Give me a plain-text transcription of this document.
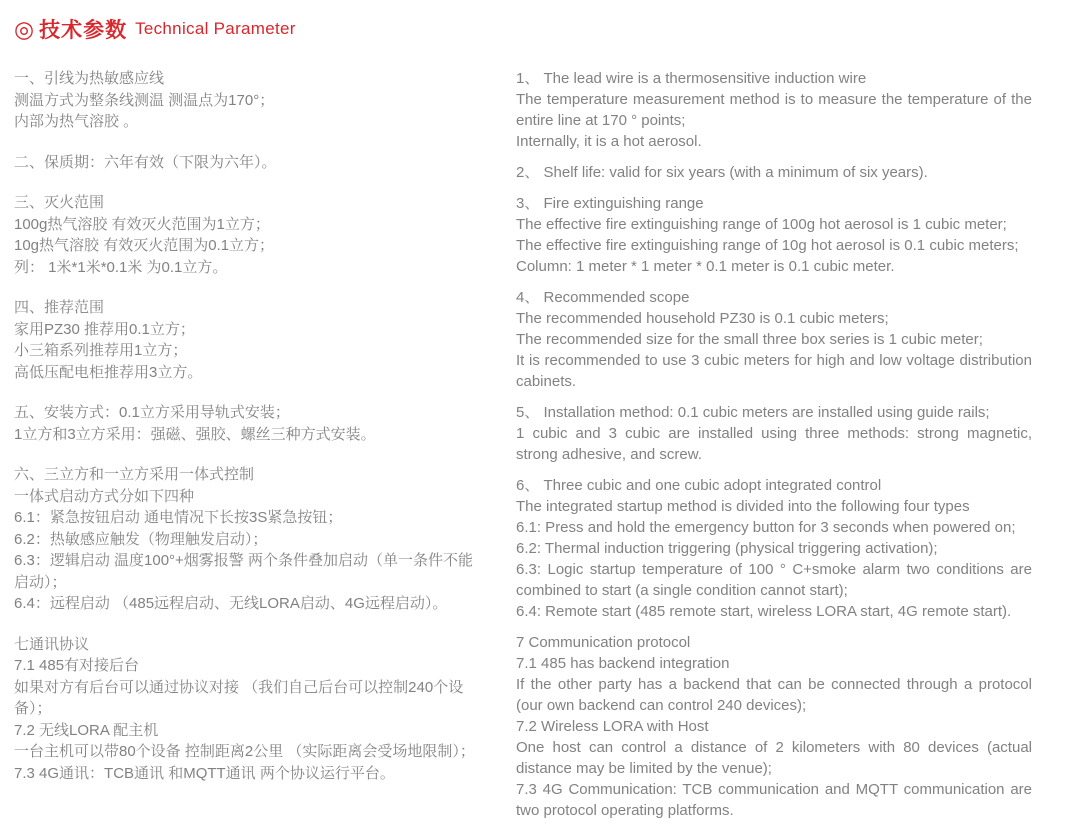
◎ 技术参数 Technical Parameter
一、引线为热敏感应线
测温方式为整条线测温 测温点为170°；
内部为热气溶胶 。
二、保质期：六年有效（下限为六年）。
三、灭火范围
100g热气溶胶 有效灭火范围为1立方；
10g热气溶胶 有效灭火范围为0.1立方；
列： 1米*1米*0.1米 为0.1立方。
四、推荐范围
家用PZ30 推荐用0.1立方；
小三箱系列推荐用1立方；
高低压配电柜推荐用3立方。
五、安装方式：0.1立方采用导轨式安装；
1立方和3立方采用：强磁、强胶、螺丝三种方式安装。
六、三立方和一立方采用一体式控制
一体式启动方式分如下四种
6.1：紧急按钮启动 通电情况下长按3S紧急按钮；
6.2：热敏感应触发（物理触发启动）；
6.3：逻辑启动 温度100°+烟雾报警 两个条件叠加启动（单一条件不能启动）；
6.4：远程启动 （485远程启动、无线LORA启动、4G远程启动）。
七通讯协议
7.1 485有对接后台
如果对方有后台可以通过协议对接 （我们自己后台可以控制240个设备）；
7.2 无线LORA 配主机
一台主机可以带80个设备 控制距离2公里 （实际距离会受场地限制）；
7.3 4G通讯：TCB通讯 和MQTT通讯 两个协议运行平台。
1、 The lead wire is a thermosensitive induction wire
The temperature measurement method is to measure the temperature of the entire line at 170 ° points;
Internally, it is a hot aerosol.
2、 Shelf life: valid for six years (with a minimum of six years).
3、 Fire extinguishing range
The effective fire extinguishing range of 100g hot aerosol is 1 cubic meter;
The effective fire extinguishing range of 10g hot aerosol is 0.1 cubic meters;
Column: 1 meter * 1 meter * 0.1 meter is 0.1 cubic meter.
4、 Recommended scope
The recommended household PZ30 is 0.1 cubic meters;
The recommended size for the small three box series is 1 cubic meter;
It is recommended to use 3 cubic meters for high and low voltage distribution cabinets.
5、 Installation method: 0.1 cubic meters are installed using guide rails;
1 cubic and 3 cubic are installed using three methods: strong magnetic, strong adhesive, and screw.
6、 Three cubic and one cubic adopt integrated control
The integrated startup method is divided into the following four types
6.1: Press and hold the emergency button for 3 seconds when powered on;
6.2: Thermal induction triggering (physical triggering activation);
6.3: Logic startup temperature of 100 ° C+smoke alarm two conditions are combined to start (a single condition cannot start);
6.4: Remote start (485 remote start, wireless LORA start, 4G remote start).
7 Communication protocol
7.1 485 has backend integration
If the other party has a backend that can be connected through a protocol (our own backend can control 240 devices);
7.2 Wireless LORA with Host
One host can control a distance of 2 kilometers with 80 devices (actual distance may be limited by the venue);
7.3 4G Communication: TCB communication and MQTT communication are two protocol operating platforms.
